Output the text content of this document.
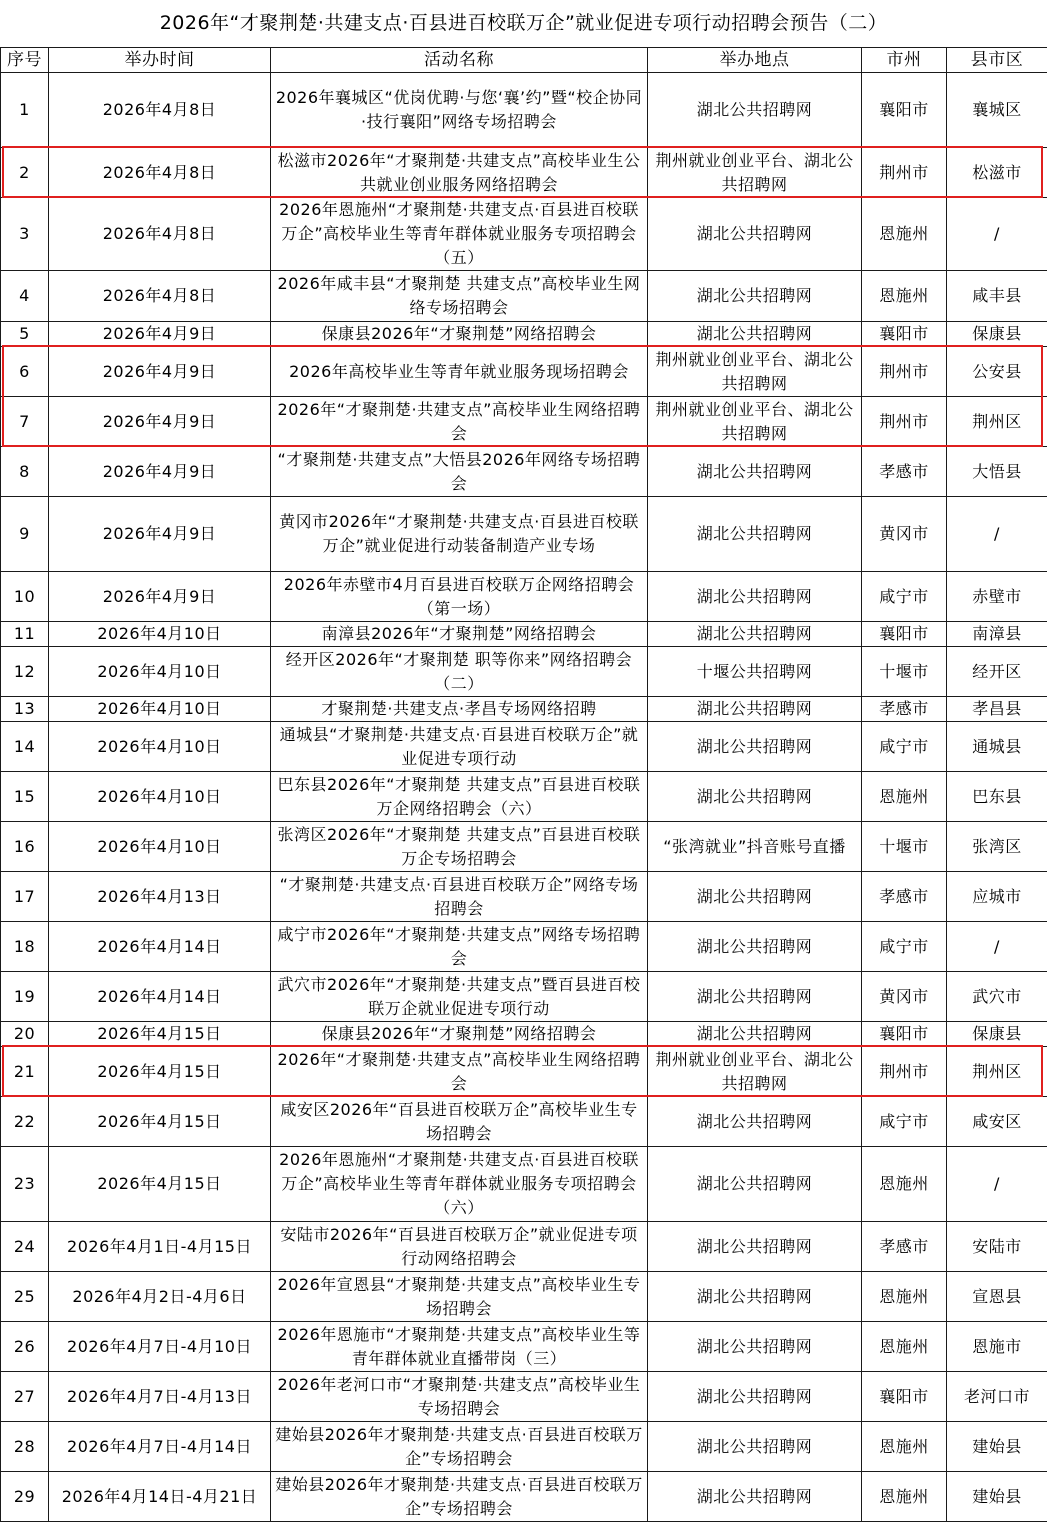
2026年“才聚荆楚·共建支点·百县进百校联万企”就业促进专项行动招聘会预告（二）
序号	举办时间	活动名称	举办地点	市州	县市区
1	2026年4月8日	2026年襄城区“优岗优聘·与您‘襄’约”暨“校企协同·技行襄阳”网络专场招聘会	湖北公共招聘网	襄阳市	襄城区
2	2026年4月8日	松滋市2026年“才聚荆楚·共建支点”高校毕业生公共就业创业服务网络招聘会	荆州就业创业平台、湖北公共招聘网	荆州市	松滋市
3	2026年4月8日	2026年恩施州“才聚荆楚·共建支点·百县进百校联万企”高校毕业生等青年群体就业服务专项招聘会（五）	湖北公共招聘网	恩施州	/
4	2026年4月8日	2026年咸丰县“才聚荆楚 共建支点”高校毕业生网络专场招聘会	湖北公共招聘网	恩施州	咸丰县
5	2026年4月9日	保康县2026年“才聚荆楚”网络招聘会	湖北公共招聘网	襄阳市	保康县
6	2026年4月9日	2026年高校毕业生等青年就业服务现场招聘会	荆州就业创业平台、湖北公共招聘网	荆州市	公安县
7	2026年4月9日	2026年“才聚荆楚·共建支点”高校毕业生网络招聘会	荆州就业创业平台、湖北公共招聘网	荆州市	荆州区
8	2026年4月9日	“才聚荆楚·共建支点”大悟县2026年网络专场招聘会	湖北公共招聘网	孝感市	大悟县
9	2026年4月9日	黄冈市2026年“才聚荆楚·共建支点·百县进百校联万企”就业促进行动装备制造产业专场	湖北公共招聘网	黄冈市	/
10	2026年4月9日	2026年赤壁市4月百县进百校联万企网络招聘会（第一场）	湖北公共招聘网	咸宁市	赤壁市
11	2026年4月10日	南漳县2026年“才聚荆楚”网络招聘会	湖北公共招聘网	襄阳市	南漳县
12	2026年4月10日	经开区2026年“才聚荆楚 职等你来”网络招聘会（二）	十堰公共招聘网	十堰市	经开区
13	2026年4月10日	才聚荆楚·共建支点·孝昌专场网络招聘	湖北公共招聘网	孝感市	孝昌县
14	2026年4月10日	通城县“才聚荆楚·共建支点·百县进百校联万企”就业促进专项行动	湖北公共招聘网	咸宁市	通城县
15	2026年4月10日	巴东县2026年“才聚荆楚 共建支点”百县进百校联万企网络招聘会（六）	湖北公共招聘网	恩施州	巴东县
16	2026年4月10日	张湾区2026年“才聚荆楚 共建支点”百县进百校联万企专场招聘会	“张湾就业”抖音账号直播	十堰市	张湾区
17	2026年4月13日	“才聚荆楚·共建支点·百县进百校联万企”网络专场招聘会	湖北公共招聘网	孝感市	应城市
18	2026年4月14日	咸宁市2026年“才聚荆楚·共建支点”网络专场招聘会	湖北公共招聘网	咸宁市	/
19	2026年4月14日	武穴市2026年“才聚荆楚·共建支点”暨百县进百校联万企就业促进专项行动	湖北公共招聘网	黄冈市	武穴市
20	2026年4月15日	保康县2026年“才聚荆楚”网络招聘会	湖北公共招聘网	襄阳市	保康县
21	2026年4月15日	2026年“才聚荆楚·共建支点”高校毕业生网络招聘会	荆州就业创业平台、湖北公共招聘网	荆州市	荆州区
22	2026年4月15日	咸安区2026年“百县进百校联万企”高校毕业生专场招聘会	湖北公共招聘网	咸宁市	咸安区
23	2026年4月15日	2026年恩施州“才聚荆楚·共建支点·百县进百校联万企”高校毕业生等青年群体就业服务专项招聘会（六）	湖北公共招聘网	恩施州	/
24	2026年4月1日-4月15日	安陆市2026年“百县进百校联万企”就业促进专项行动网络招聘会	湖北公共招聘网	孝感市	安陆市
25	2026年4月2日-4月6日	2026年宣恩县“才聚荆楚·共建支点”高校毕业生专场招聘会	湖北公共招聘网	恩施州	宣恩县
26	2026年4月7日-4月10日	2026年恩施市“才聚荆楚·共建支点”高校毕业生等青年群体就业直播带岗（三）	湖北公共招聘网	恩施州	恩施市
27	2026年4月7日-4月13日	2026年老河口市“才聚荆楚·共建支点”高校毕业生专场招聘会	湖北公共招聘网	襄阳市	老河口市
28	2026年4月7日-4月14日	建始县2026年才聚荆楚·共建支点·百县进百校联万企”专场招聘会	湖北公共招聘网	恩施州	建始县
29	2026年4月14日-4月21日	建始县2026年才聚荆楚·共建支点·百县进百校联万企”专场招聘会	湖北公共招聘网	恩施州	建始县
